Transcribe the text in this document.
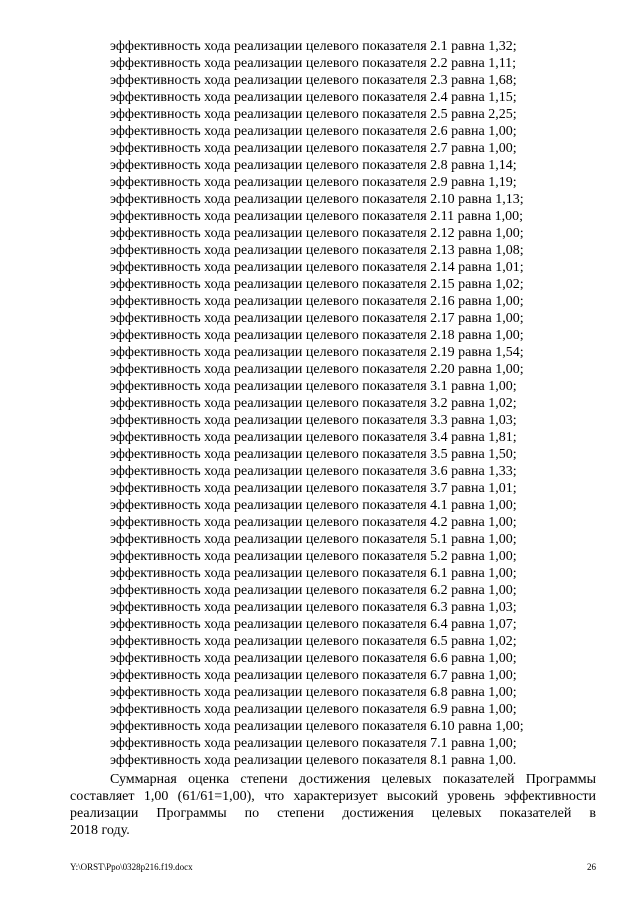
эффективность хода реализации целевого показателя 2.1 равна 1,32;
эффективность хода реализации целевого показателя 2.2 равна 1,11;
эффективность хода реализации целевого показателя 2.3 равна 1,68;
эффективность хода реализации целевого показателя 2.4 равна 1,15;
эффективность хода реализации целевого показателя 2.5 равна 2,25;
эффективность хода реализации целевого показателя 2.6 равна 1,00;
эффективность хода реализации целевого показателя 2.7 равна 1,00;
эффективность хода реализации целевого показателя 2.8 равна 1,14;
эффективность хода реализации целевого показателя 2.9 равна 1,19;
эффективность хода реализации целевого показателя 2.10 равна 1,13;
эффективность хода реализации целевого показателя 2.11 равна 1,00;
эффективность хода реализации целевого показателя 2.12 равна 1,00;
эффективность хода реализации целевого показателя 2.13 равна 1,08;
эффективность хода реализации целевого показателя 2.14 равна 1,01;
эффективность хода реализации целевого показателя 2.15 равна 1,02;
эффективность хода реализации целевого показателя 2.16 равна 1,00;
эффективность хода реализации целевого показателя 2.17 равна 1,00;
эффективность хода реализации целевого показателя 2.18 равна 1,00;
эффективность хода реализации целевого показателя 2.19 равна 1,54;
эффективность хода реализации целевого показателя 2.20 равна 1,00;
эффективность хода реализации целевого показателя 3.1 равна 1,00;
эффективность хода реализации целевого показателя 3.2 равна 1,02;
эффективность хода реализации целевого показателя 3.3 равна 1,03;
эффективность хода реализации целевого показателя 3.4 равна 1,81;
эффективность хода реализации целевого показателя 3.5 равна 1,50;
эффективность хода реализации целевого показателя 3.6 равна 1,33;
эффективность хода реализации целевого показателя 3.7 равна 1,01;
эффективность хода реализации целевого показателя 4.1 равна 1,00;
эффективность хода реализации целевого показателя 4.2 равна 1,00;
эффективность хода реализации целевого показателя 5.1 равна 1,00;
эффективность хода реализации целевого показателя 5.2 равна 1,00;
эффективность хода реализации целевого показателя 6.1 равна 1,00;
эффективность хода реализации целевого показателя 6.2 равна 1,00;
эффективность хода реализации целевого показателя 6.3 равна 1,03;
эффективность хода реализации целевого показателя 6.4 равна 1,07;
эффективность хода реализации целевого показателя 6.5 равна 1,02;
эффективность хода реализации целевого показателя 6.6 равна 1,00;
эффективность хода реализации целевого показателя 6.7 равна 1,00;
эффективность хода реализации целевого показателя 6.8 равна 1,00;
эффективность хода реализации целевого показателя 6.9 равна 1,00;
эффективность хода реализации целевого показателя 6.10 равна 1,00;
эффективность хода реализации целевого показателя 7.1 равна 1,00;
эффективность хода реализации целевого показателя 8.1 равна 1,00.
Суммарная оценка степени достижения целевых показателей Программы
составляет 1,00 (61/61=1,00), что характеризует высокий уровень эффективности
реализации Программы по степени достижения целевых показателей в
2018 году.
Y:\ORST\Ppo\0328p216.f19.docx	26
